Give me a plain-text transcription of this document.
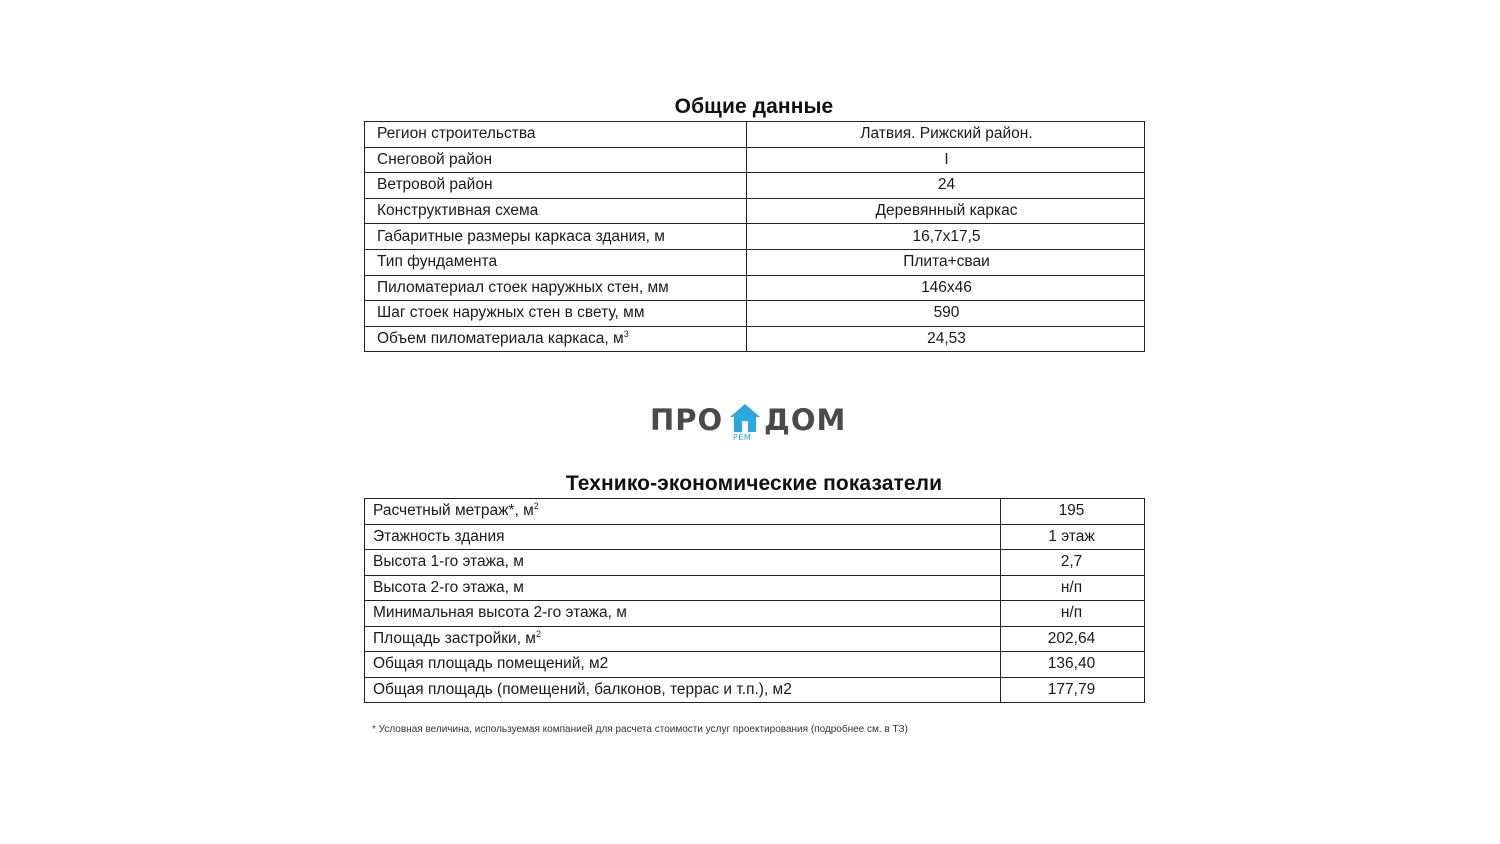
Общие данные
Регион строительства	Латвия. Рижский район.
Снеговой район	I
Ветровой район	24
Конструктивная схема	Деревянный каркас
Габаритные размеры каркаса здания, м	16,7х17,5
Тип фундамента	Плита+сваи
Пиломатериал стоек наружных стен, мм	146х46
Шаг стоек наружных стен в свету, мм	590
Объем пиломатериала каркаса, $м^3$	24,53
ПРО
РЕМ
ДОМ
Технико-экономические показатели
Расчетный метраж*, $м^2$	195
Этажность здания	1 этаж
Высота 1-го этажа, м	2,7
Высота 2-го этажа, м	н/п
Минимальная высота 2-го этажа, м	н/п
Площадь застройки, $м^2$	202,64
Общая площадь помещений, м2	136,40
Общая площадь (помещений, балконов, террас и т.п.), м2	177,79
* Условная величина, используемая компанией для расчета стоимости услуг проектирования (подробнее см. в ТЗ)
